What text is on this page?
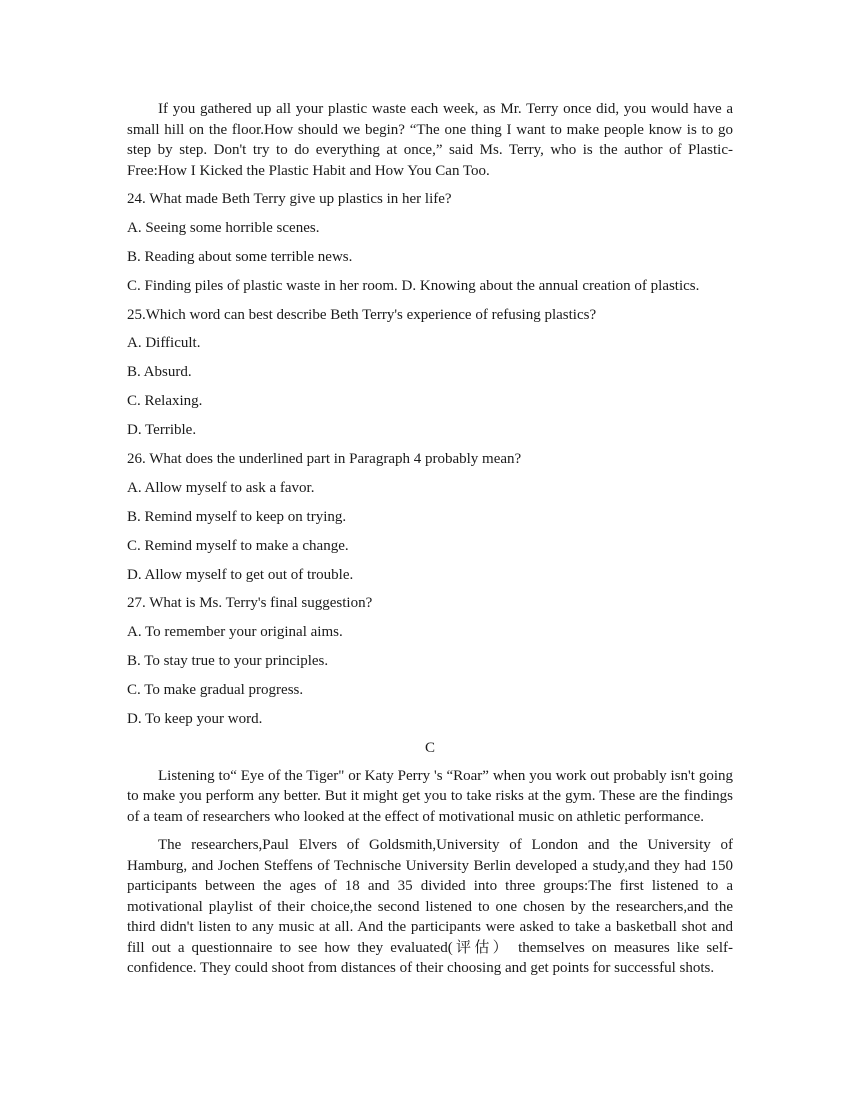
If you gathered up all your plastic waste each week, as Mr. Terry once did, you would have a small hill on the floor.How should we begin? “The one thing I want to make people know is to go step by step. Don't try to do everything at once,” said Ms. Terry, who is the author of Plastic-Free:How I Kicked the Plastic Habit and How You Can Too.

24. What made Beth Terry give up plastics in her life?

A. Seeing some horrible scenes.

B. Reading about some terrible news.

C. Finding piles of plastic waste in her room. D. Knowing about the annual creation of plastics.

25.Which word can best describe Beth Terry's experience of refusing plastics?

A. Difficult.

B. Absurd.

C. Relaxing.

D. Terrible.

26. What does the underlined part in Paragraph 4 probably mean?

A. Allow myself to ask a favor.

B. Remind myself to keep on trying.

C. Remind myself to make a change.

D. Allow myself to get out of trouble.

27. What is Ms. Terry's final suggestion?

A. To remember your original aims.

B. To stay true to your principles.

C. To make gradual progress.

D. To keep your word.

C

Listening to“ Eye of the Tiger" or Katy Perry 's “Roar” when you work out probably isn't going to make you perform any better. But it might get you to take risks at the gym. These are the findings of a team of researchers who looked at the effect of motivational music on athletic performance.

The researchers,Paul Elvers of Goldsmith,University of London and the University of Hamburg, and Jochen Steffens of Technische University Berlin developed a study,and they had 150 participants between the ages of 18 and 35 divided into three groups:The first listened to a motivational playlist of their choice,the second listened to one chosen by the researchers,and the third didn't listen to any music at all. And the participants were asked to take a basketball shot and fill out a questionnaire to see how they evaluated(评估） themselves on measures like self-confidence. They could shoot from distances of their choosing and get points for successful shots.
